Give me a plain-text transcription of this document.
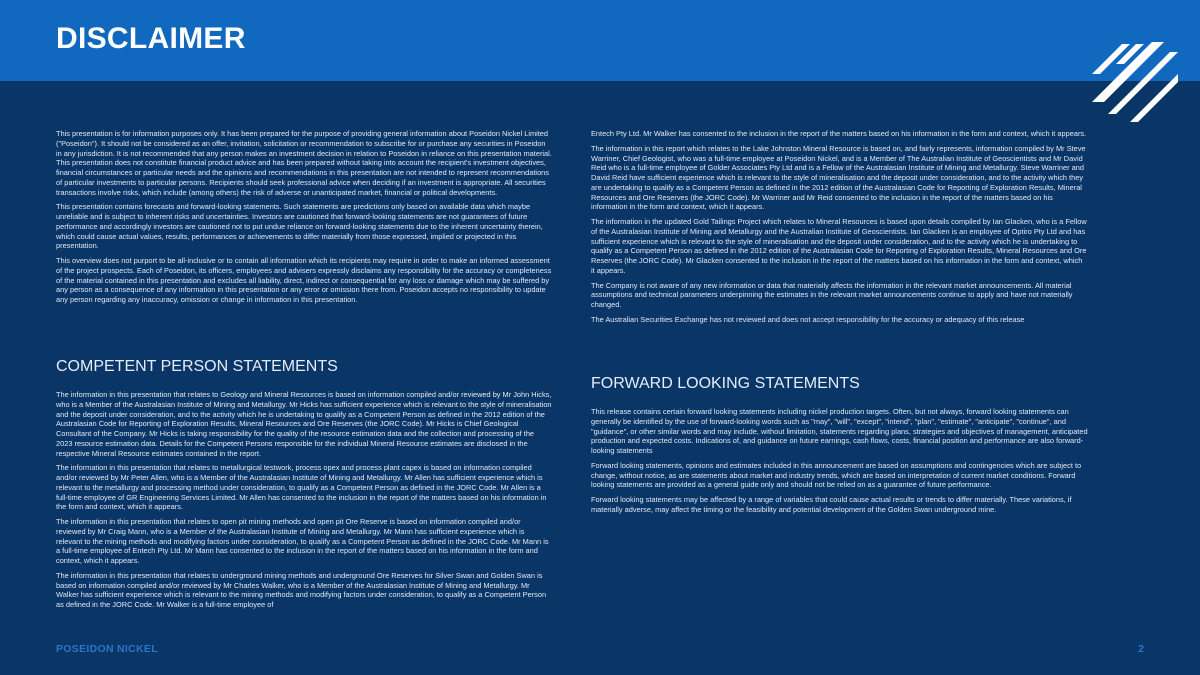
DISCLAIMER

This presentation is for information purposes only. It has been prepared for the purpose of providing general information about Poseidon Nickel Limited ("Poseidon"). It should not be considered as an offer, invitation, solicitation or recommendation to subscribe for or purchase any securities in Poseidon in any jurisdiction. It is not recommended that any person makes an investment decision in relation to Poseidon in reliance on this presentation material. This presentation does not constitute financial product advice and has been prepared without taking into account the recipient's investment objectives, financial circumstances or particular needs and the opinions and recommendations in this presentation are not intended to represent recommendations of particular investments to particular persons. Recipients should seek professional advice when deciding if an investment is appropriate. All securities transactions involve risks, which include (among others) the risk of adverse or unanticipated market, financial or political developments.

This presentation contains forecasts and forward-looking statements. Such statements are predictions only based on available data which maybe unreliable and is subject to inherent risks and uncertainties. Investors are cautioned that forward-looking statements are not guarantees of future performance and accordingly investors are cautioned not to put undue reliance on forward-looking statements due to the inherent uncertainty therein, which could cause actual values, results, performances or achievements to differ materially from those expressed, implied or projected in this presentation.

This overview does not purport to be all-inclusive or to contain all information which its recipients may require in order to make an informed assessment of the project prospects. Each of Poseidon, its officers, employees and advisers expressly disclaims any responsibility for the accuracy or completeness of the material contained in this presentation and excludes all liability, direct, indirect or consequential for any loss or damage which may be suffered by any person as a consequence of any information in this presentation or any error or omission there from. Poseidon accepts no responsibility to update any person regarding any inaccuracy, omission or change in information in this presentation.

COMPETENT PERSON STATEMENTS

The information in this presentation that relates to Geology and Mineral Resources is based on information compiled and/or reviewed by Mr John Hicks, who is a Member of the Australasian Institute of Mining and Metallurgy. Mr Hicks has sufficient experience which is relevant to the style of mineralisation and the deposit under consideration, and to the activity which he is undertaking to qualify as a Competent Person as defined in the 2012 edition of the Australasian Code for Reporting of Exploration Results, Mineral Resources and Ore Reserves (the JORC Code). Mr Hicks is Chief Geological Consultant of the Company. Mr Hicks is taking responsibility for the quality of the resource estimation data and the collection and processing of the 2023 resource estimation data. Details for the Competent Persons responsible for the individual Mineral Resource estimates are disclosed in the respective Mineral Resource estimates contained in the report.

The information in this presentation that relates to metallurgical testwork, process opex and process plant capex is based on information compiled and/or reviewed by Mr Peter Allen, who is a Member of the Australasian Institute of Mining and Metallurgy. Mr Allen has sufficient experience which is relevant to the metallurgy and processing method under consideration, to qualify as a Competent Person as defined in the JORC Code. Mr Allen is a full-time employee of GR Engineering Services Limited. Mr Allen has consented to the inclusion in the report of the matters based on his information in the form and context, which it appears.

The information in this presentation that relates to open pit mining methods and open pit Ore Reserve is based on information compiled and/or reviewed by Mr Craig Mann, who is a Member of the Australasian Institute of Mining and Metallurgy. Mr Mann has sufficient experience which is relevant to the mining methods and modifying factors under consideration, to qualify as a Competent Person as defined in the JORC Code. Mr Mann is a full-time employee of Entech Pty Ltd. Mr Mann has consented to the inclusion in the report of the matters based on his information in the form and context, which it appears.

The information in this presentation that relates to underground mining methods and underground Ore Reserves for Silver Swan and Golden Swan is based on information compiled and/or reviewed by Mr Charles Walker, who is a Member of the Australasian Institute of Mining and Metallurgy. Mr Walker has sufficient experience which is relevant to the mining methods and modifying factors under consideration, to qualify as a Competent Person as defined in the JORC Code. Mr Walker is a full-time employee of

Entech Pty Ltd. Mr Walker has consented to the inclusion in the report of the matters based on his information in the form and context, which it appears.

The information in this report which relates to the Lake Johnston Mineral Resource is based on, and fairly represents, information compiled by Mr Steve Warriner, Chief Geologist, who was a full-time employee at Poseidon Nickel, and is a Member of The Australian Institute of Geoscientists and Mr David Reid who is a full-time employee of Golder Associates Pty Ltd and is a Fellow of the Australasian Institute of Mining and Metallurgy. Steve Warriner and David Reid have sufficient experience which is relevant to the style of mineralisation and the deposit under consideration, and to the activity which they are undertaking to qualify as a Competent Person as defined in the 2012 edition of the Australasian Code for Reporting of Exploration Results, Mineral Resources and Ore Reserves (the JORC Code). Mr Warriner and Mr Reid consented to the inclusion in the report of the matters based on his information in the form and context, which it appears.

The information in the updated Gold Tailings Project which relates to Mineral Resources is based upon details compiled by Ian Glacken, who is a Fellow of the Australasian Institute of Mining and Metallurgy and the Australian Institute of Geoscientists. Ian Glacken is an employee of Optiro Pty Ltd and has sufficient experience which is relevant to the style of mineralisation and the deposit under consideration, and to the activity which he is undertaking to qualify as a Competent Person as defined in the 2012 edition of the Australasian Code for Reporting of Exploration Results, Mineral Resources and Ore Reserves (the JORC Code). Mr Glacken consented to the inclusion in the report of the matters based on his information in the form and context, which it appears.

The Company is not aware of any new information or data that materially affects the information in the relevant market announcements. All material assumptions and technical parameters underpinning the estimates in the relevant market announcements continue to apply and have not materially changed.

The Australian Securities Exchange has not reviewed and does not accept responsibility for the accuracy or adequacy of this release

FORWARD LOOKING STATEMENTS

This release contains certain forward looking statements including nickel production targets. Often, but not always, forward looking statements can generally be identified by the use of forward-looking words such as "may", "will", "except", "intend", "plan", "estimate", "anticipate", "continue", and "guidance", or other similar words and may include, without limitation, statements regarding plans, strategies and objectives of management, anticipated production and expected costs. Indications of, and guidance on future earnings, cash flows, costs, financial position and performance are also forward-looking statements

Forward looking statements, opinions and estimates included in this announcement are based on assumptions and contingencies which are subject to change, without notice, as are statements about market and industry trends, which are based on interpretation of current market conditions. Forward looking statements are provided as a general guide only and should not be relied on as a guarantee of future performance.

Forward looking statements may be affected by a range of variables that could cause actual results or trends to differ materially. These variations, if materially adverse, may affect the timing or the feasibility and potential development of the Golden Swan underground mine.

POSEIDON NICKEL	2
